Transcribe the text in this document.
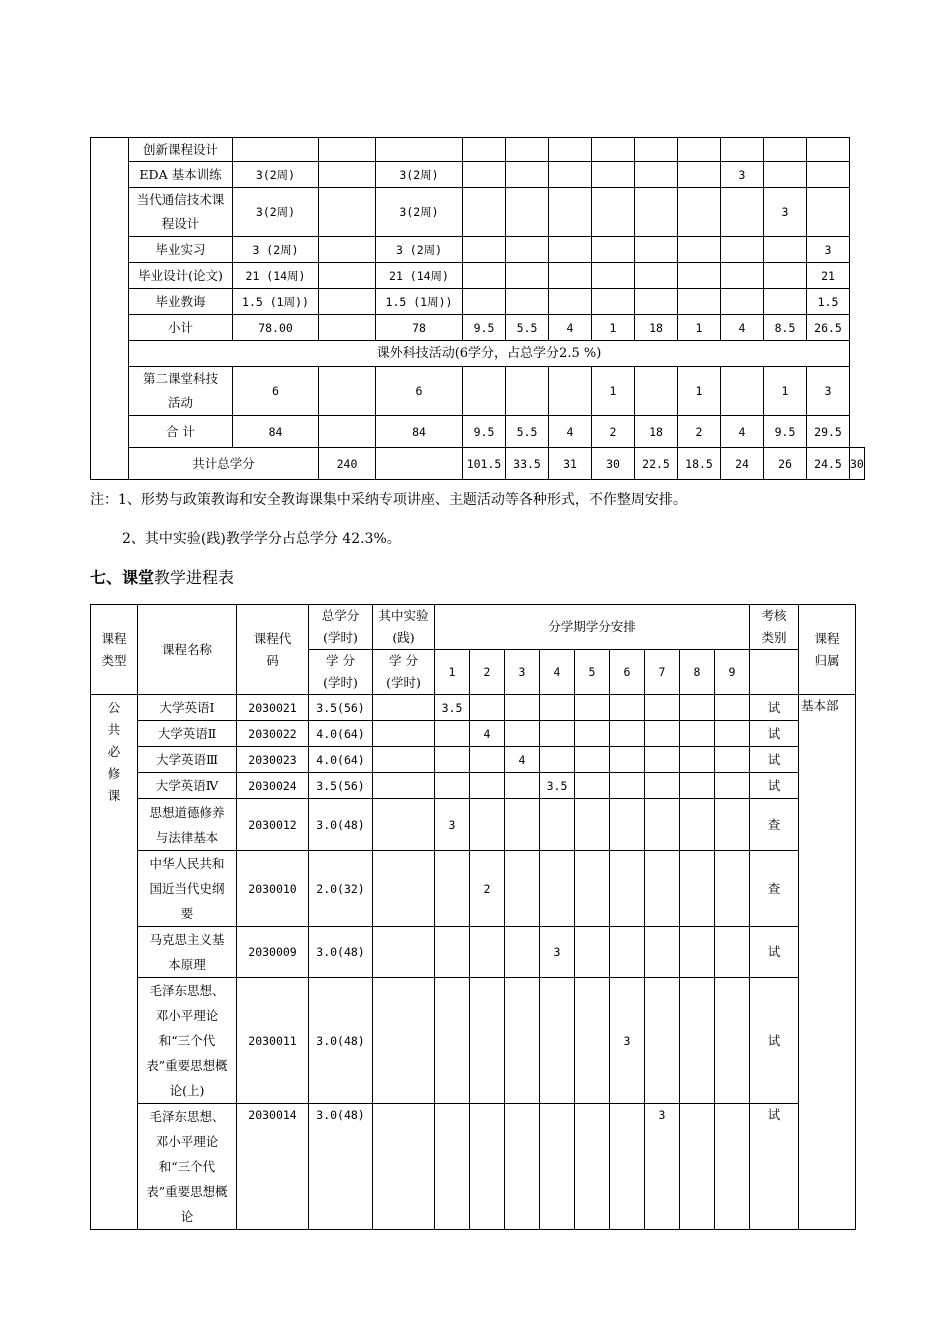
	创新课程设计													
	EDA 基本训练	3(2周)		3(2周)							3			
	当代通信技术课程设计	3(2周)		3(2周)								3		
	毕业实习	3 (2周)		3 (2周)									3	
	毕业设计(论文)	21 (14周)		21 (14周)									21	
	毕业教诲	1.5 (1周))		1.5 (1周))									1.5	
	小计	78.00		78	9.5	5.5	4	1	18	1	4	8.5	26.5	
	课外科技活动(6学分，占总学分2.5 %)													
	第二课堂科技活动	6		6				1		1		1	3	
	合 计	84		84	9.5	5.5	4	2	18	2	4	9.5	29.5	
	共计总学分		240		101.5	33.5	31	30	22.5	18.5	24	26	24.5	30
注：1、形势与政策教诲和安全教诲课集中采纳专项讲座、主题活动等各种形式，不作整周安排。
2、其中实验(践)教学学分占总学分 42.3%。
七、课堂教学进程表
课程类型	课程名称	课程代码	总学分(学时)	其中实验(践)	分学期学分安排									考核类别	课程归属
			学 分(学时)	学 分(学时)	1	2	3	4	5	6	7	8	9		
公共必修课	大学英语Ⅰ	2030021	3.5(56)		3.5									试	基本部
	大学英语Ⅱ	2030022	4.0(64)			4								试	
	大学英语Ⅲ	2030023	4.0(64)				4							试	
	大学英语Ⅳ	2030024	3.5(56)					3.5						试	
	思想道德修养与法律基本	2030012	3.0(48)		3									查	
	中华人民共和国近当代史纲要	2030010	2.0(32)			2								查	
	马克思主义基本原理	2030009	3.0(48)					3						试	
	毛泽东思想、邓小平理论和“三个代表”重要思想概论(上)	2030011	3.0(48)							3				试	
	毛泽东思想、邓小平理论和“三个代表”重要思想概论	2030014	3.0(48)								3			试	
